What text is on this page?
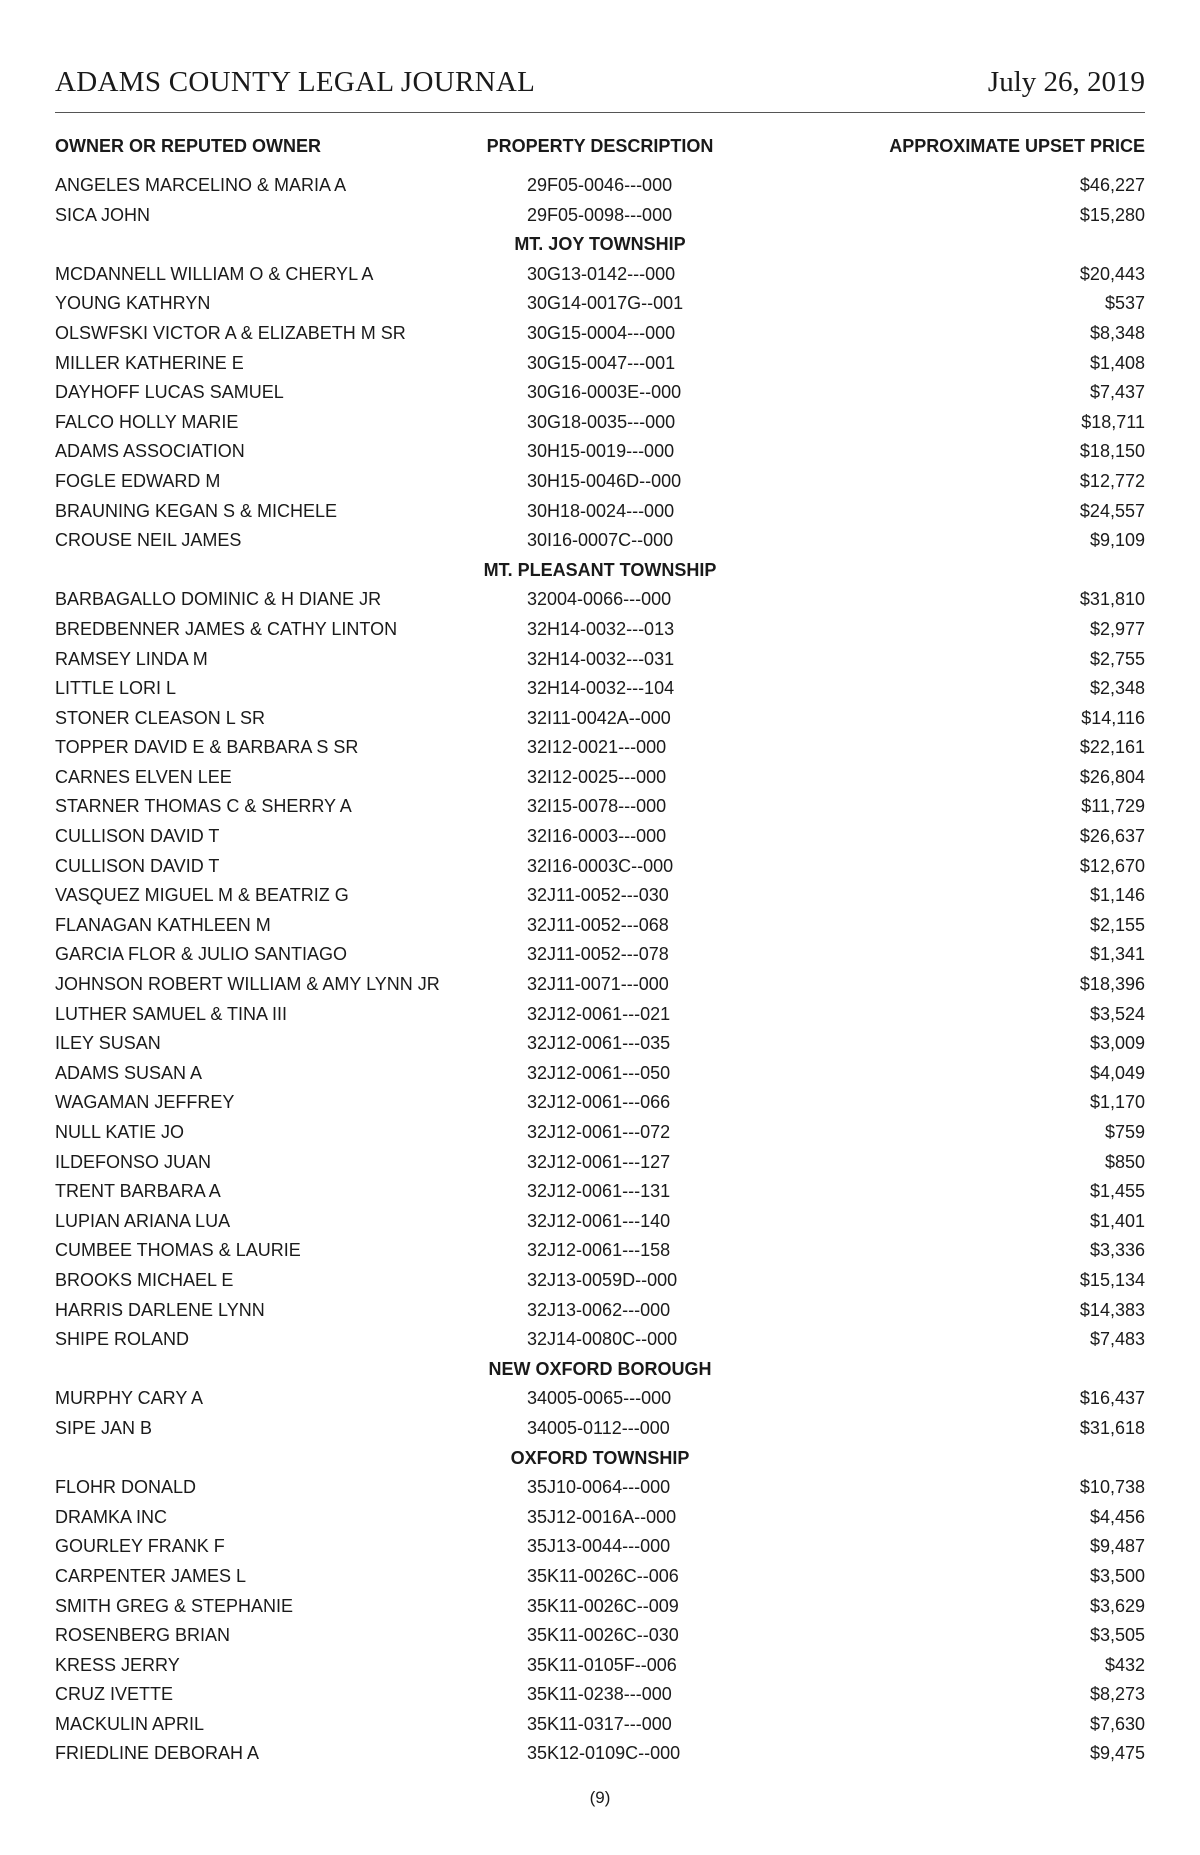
ADAMS COUNTY LEGAL JOURNAL	July 26, 2019
OWNER OR REPUTED OWNER	PROPERTY DESCRIPTION	APPROXIMATE UPSET PRICE
ANGELES MARCELINO & MARIA A	29F05-0046---000	$46,227
SICA JOHN	29F05-0098---000	$15,280
MT. JOY TOWNSHIP
MCDANNELL WILLIAM O & CHERYL A	30G13-0142---000	$20,443
YOUNG KATHRYN	30G14-0017G--001	$537
OLSWFSKI VICTOR A & ELIZABETH M SR	30G15-0004---000	$8,348
MILLER KATHERINE E	30G15-0047---001	$1,408
DAYHOFF LUCAS SAMUEL	30G16-0003E--000	$7,437
FALCO HOLLY MARIE	30G18-0035---000	$18,711
ADAMS ASSOCIATION	30H15-0019---000	$18,150
FOGLE EDWARD M	30H15-0046D--000	$12,772
BRAUNING KEGAN S & MICHELE	30H18-0024---000	$24,557
CROUSE NEIL JAMES	30I16-0007C--000	$9,109
MT. PLEASANT TOWNSHIP
BARBAGALLO DOMINIC & H DIANE JR	32004-0066---000	$31,810
BREDBENNER JAMES & CATHY LINTON	32H14-0032---013	$2,977
RAMSEY LINDA M	32H14-0032---031	$2,755
LITTLE LORI L	32H14-0032---104	$2,348
STONER CLEASON L SR	32I11-0042A--000	$14,116
TOPPER DAVID E & BARBARA S SR	32I12-0021---000	$22,161
CARNES ELVEN LEE	32I12-0025---000	$26,804
STARNER THOMAS C & SHERRY A	32I15-0078---000	$11,729
CULLISON DAVID T	32I16-0003---000	$26,637
CULLISON DAVID T	32I16-0003C--000	$12,670
VASQUEZ MIGUEL M & BEATRIZ G	32J11-0052---030	$1,146
FLANAGAN KATHLEEN M	32J11-0052---068	$2,155
GARCIA FLOR & JULIO SANTIAGO	32J11-0052---078	$1,341
JOHNSON ROBERT WILLIAM & AMY LYNN JR	32J11-0071---000	$18,396
LUTHER SAMUEL & TINA III	32J12-0061---021	$3,524
ILEY SUSAN	32J12-0061---035	$3,009
ADAMS SUSAN A	32J12-0061---050	$4,049
WAGAMAN JEFFREY	32J12-0061---066	$1,170
NULL KATIE JO	32J12-0061---072	$759
ILDEFONSO JUAN	32J12-0061---127	$850
TRENT BARBARA A	32J12-0061---131	$1,455
LUPIAN ARIANA LUA	32J12-0061---140	$1,401
CUMBEE THOMAS & LAURIE	32J12-0061---158	$3,336
BROOKS MICHAEL E	32J13-0059D--000	$15,134
HARRIS DARLENE LYNN	32J13-0062---000	$14,383
SHIPE ROLAND	32J14-0080C--000	$7,483
NEW OXFORD BOROUGH
MURPHY CARY A	34005-0065---000	$16,437
SIPE JAN B	34005-0112---000	$31,618
OXFORD TOWNSHIP
FLOHR DONALD	35J10-0064---000	$10,738
DRAMKA INC	35J12-0016A--000	$4,456
GOURLEY FRANK F	35J13-0044---000	$9,487
CARPENTER JAMES L	35K11-0026C--006	$3,500
SMITH GREG & STEPHANIE	35K11-0026C--009	$3,629
ROSENBERG BRIAN	35K11-0026C--030	$3,505
KRESS JERRY	35K11-0105F--006	$432
CRUZ IVETTE	35K11-0238---000	$8,273
MACKULIN APRIL	35K11-0317---000	$7,630
FRIEDLINE DEBORAH A	35K12-0109C--000	$9,475
(9)
